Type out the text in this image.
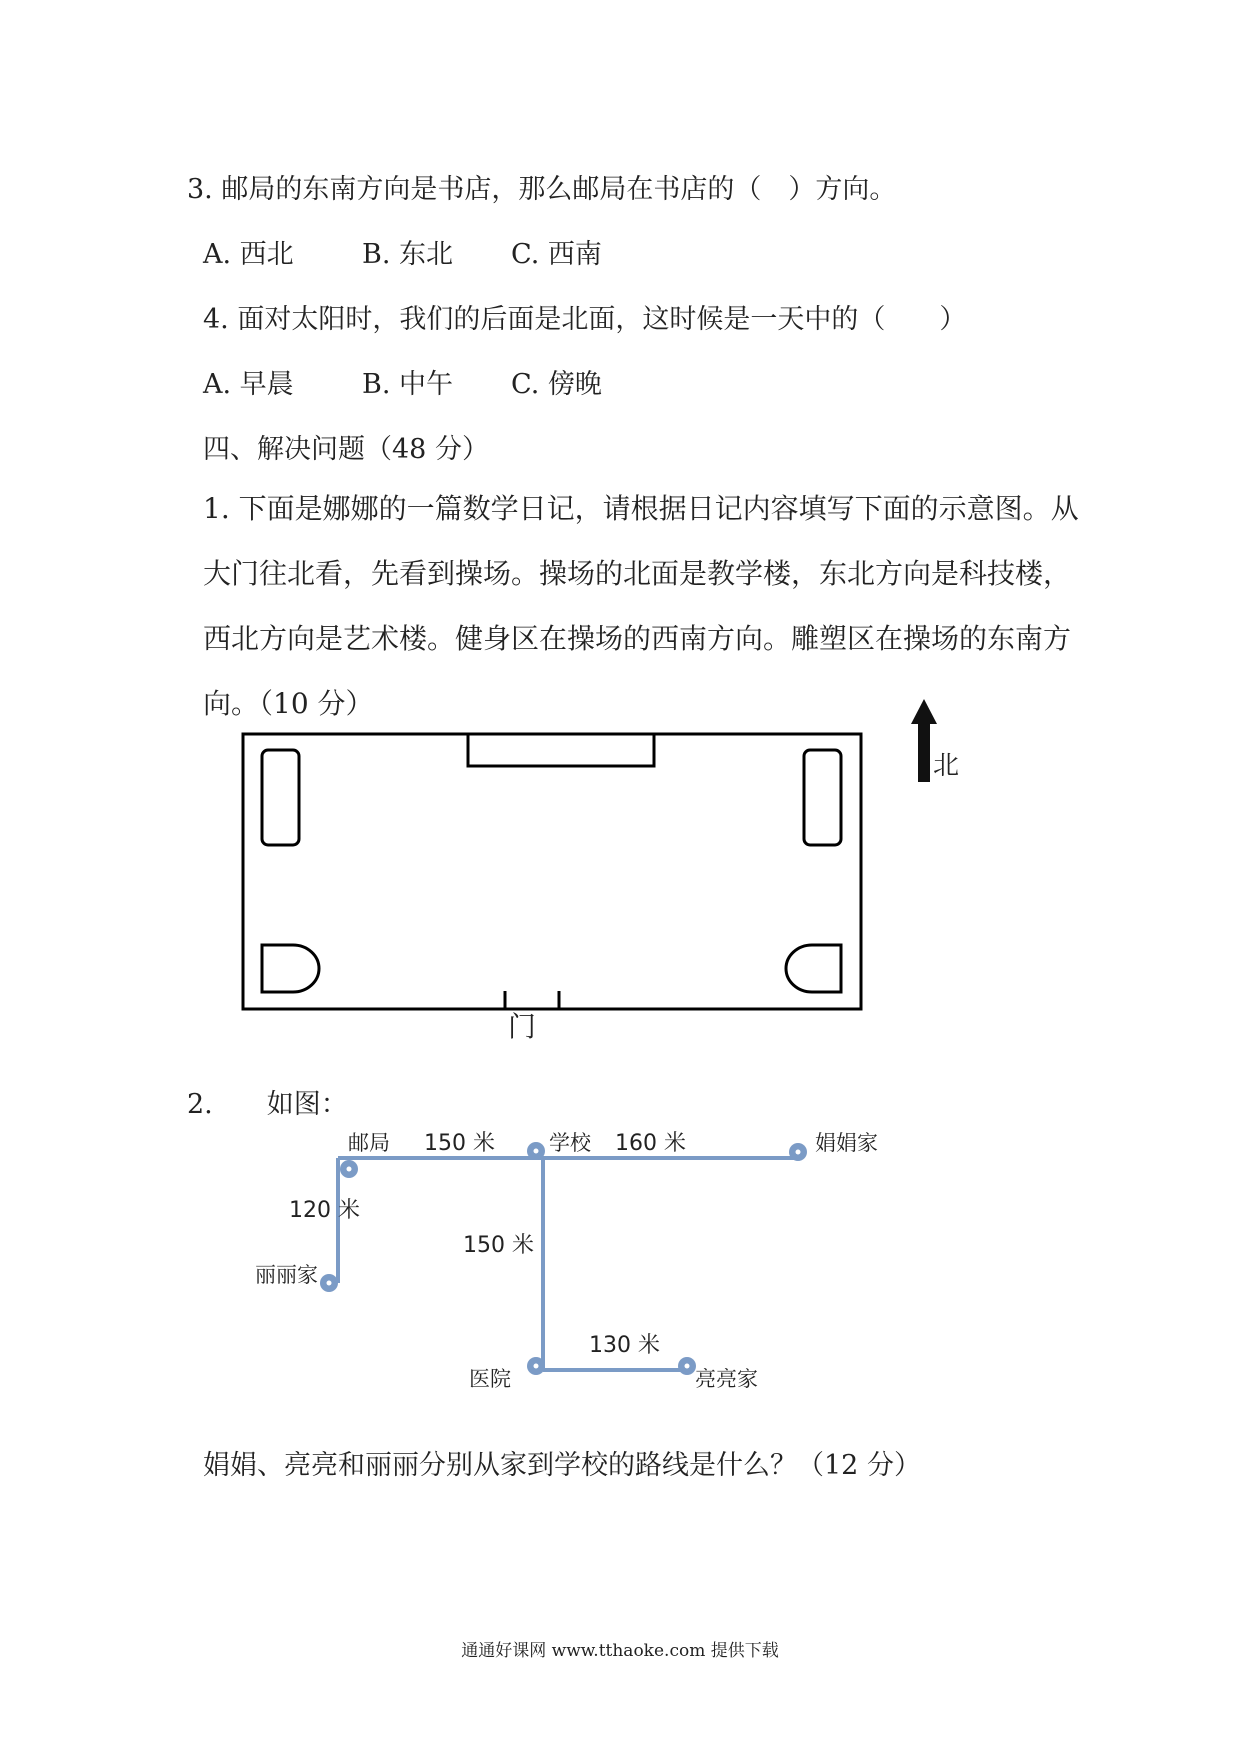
3. 邮局的东南方向是书店，那么邮局在书店的（　）方向。
A. 西北	B. 东北 C. 西南
4. 面对太阳时，我们的后面是北面，这时候是一天中的（　　）
A. 早晨	B. 中午 C. 傍晚
四、解决问题（48 分）
1. 下面是娜娜的一篇数学日记，请根据日记内容填写下面的示意图。从大门往北看，先看到操场。操场的北面是教学楼，东北方向是科技楼，西北方向是艺术楼。健身区在操场的西南方向。雕塑区在操场的东南方向。（10 分）
北
门
邮局	学校	娟娟家
丽丽家
医院	亮亮家
150 米	160 米
120 米
150 米
130 米
2.　　如图：
娟娟、亮亮和丽丽分别从家到学校的路线是什么？（12 分）
通通好课网 www.tthaoke.com 提供下载
